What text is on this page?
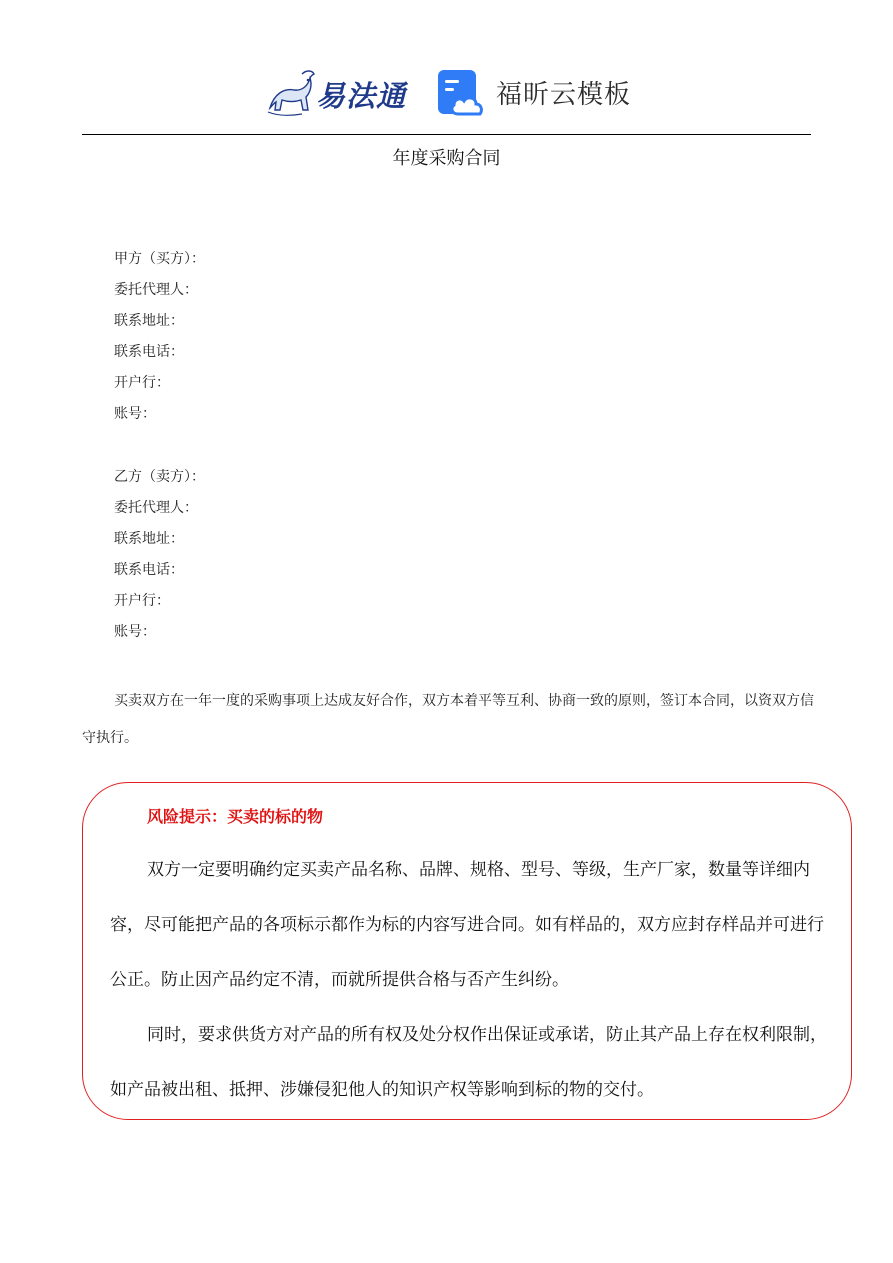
易法通	福昕云模板
年度采购合同
甲方（买方）：
委托代理人：
联系地址：
联系电话：
开户行：
账号：
乙方（卖方）：
委托代理人：
联系地址：
联系电话：
开户行：
账号：
买卖双方在一年一度的采购事项上达成友好合作，双方本着平等互利、协商一致的原则，签订本合同，以资双方信守执行。
风险提示：买卖的标的物
双方一定要明确约定买卖产品名称、品牌、规格、型号、等级，生产厂家，数量等详细内容，尽可能把产品的各项标示都作为标的内容写进合同。如有样品的，双方应封存样品并可进行公正。防止因产品约定不清，而就所提供合格与否产生纠纷。
同时，要求供货方对产品的所有权及处分权作出保证或承诺，防止其产品上存在权利限制，如产品被出租、抵押、涉嫌侵犯他人的知识产权等影响到标的物的交付。
